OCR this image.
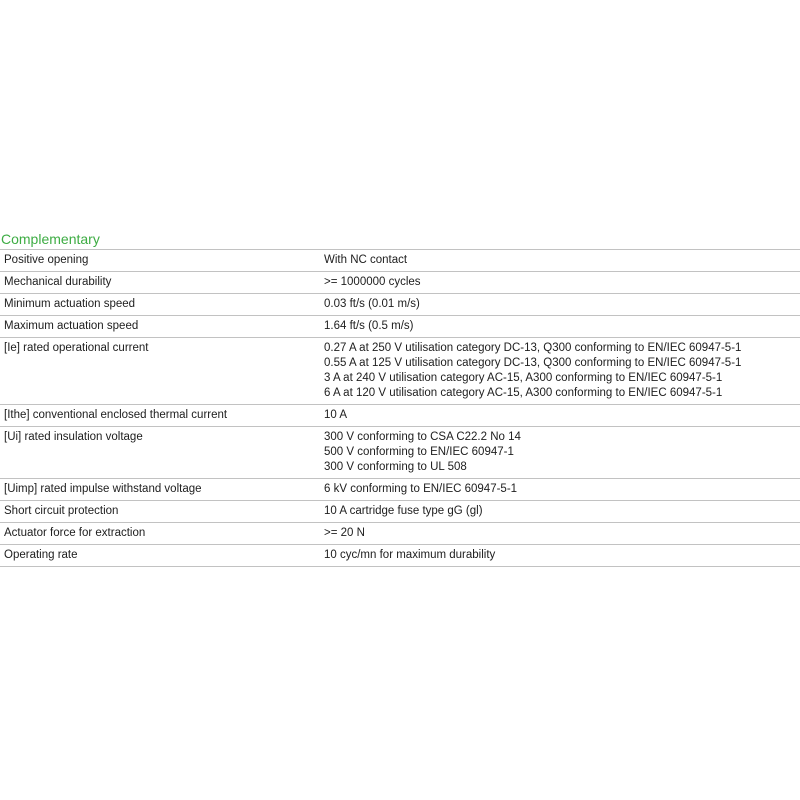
Complementary
Positive opening	With NC contact

Mechanical durability	>= 1000000 cycles

Minimum actuation speed	0.03 ft/s (0.01 m/s)

Maximum actuation speed	1.64 ft/s (0.5 m/s)

[Ie] rated operational current	0.27 A at 250 V utilisation category DC-13, Q300 conforming to EN/IEC 60947-5-1
0.55 A at 125 V utilisation category DC-13, Q300 conforming to EN/IEC 60947-5-1
3 A at 240 V utilisation category AC-15, A300 conforming to EN/IEC 60947-5-1
6 A at 120 V utilisation category AC-15, A300 conforming to EN/IEC 60947-5-1

[Ithe] conventional enclosed thermal current	10 A

[Ui] rated insulation voltage	300 V conforming to CSA C22.2 No 14
500 V conforming to EN/IEC 60947-1
300 V conforming to UL 508

[Uimp] rated impulse withstand voltage	6 kV conforming to EN/IEC 60947-5-1

Short circuit protection	10 A cartridge fuse type gG (gl)

Actuator force for extraction	>= 20 N

Operating rate	10 cyc/mn for maximum durability
